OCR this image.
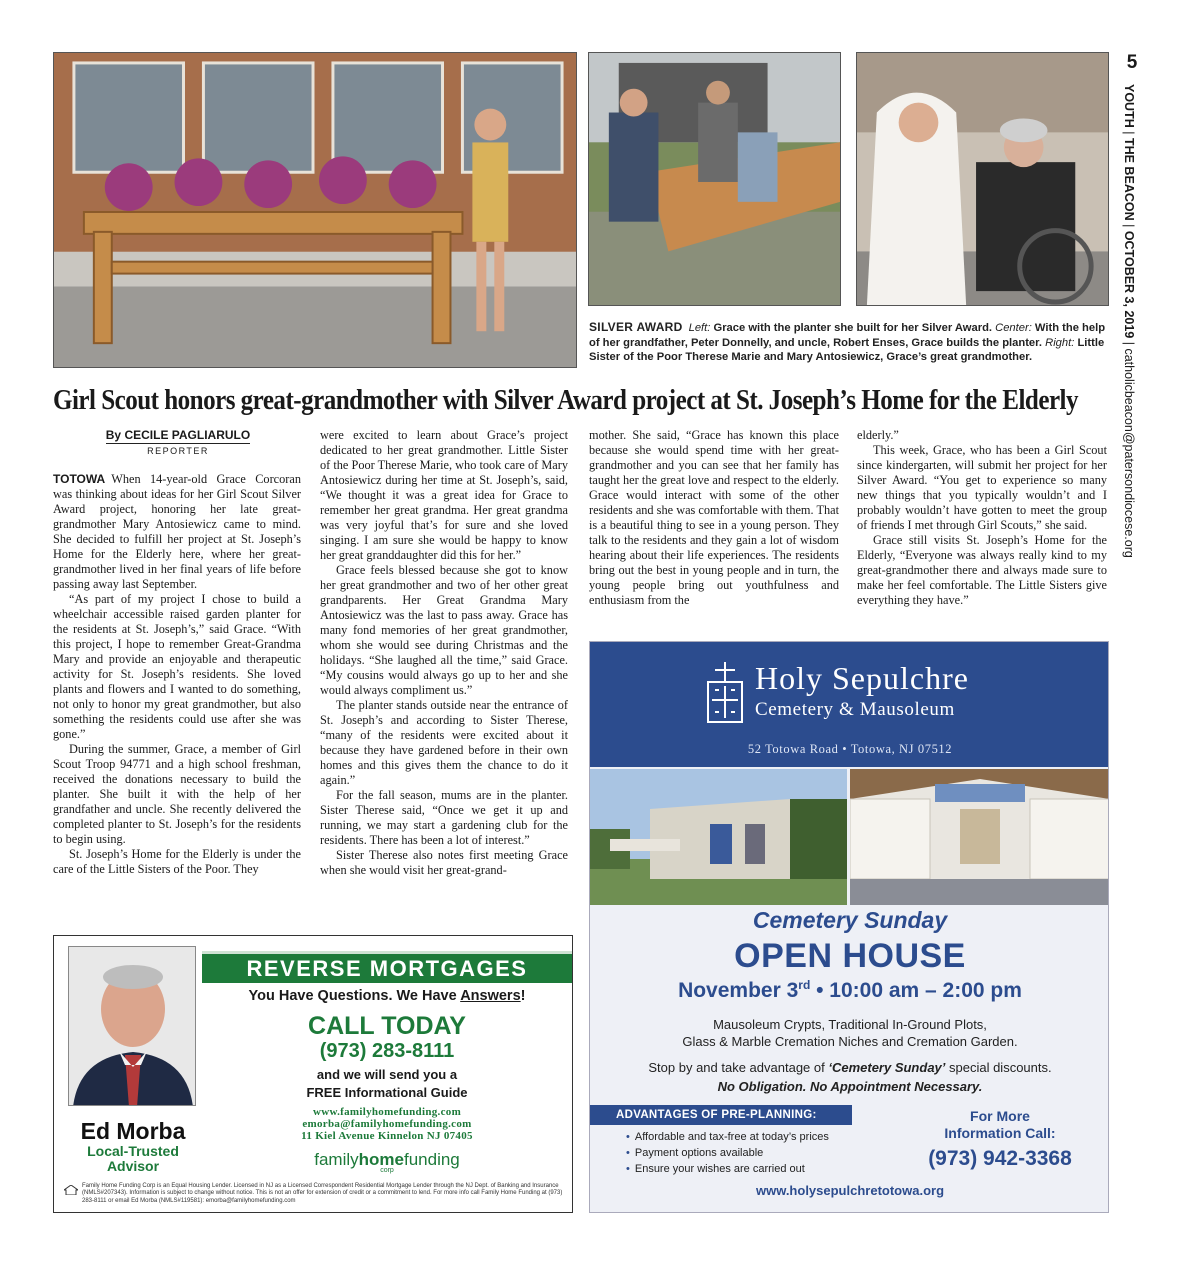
SILVER AWARD Left: Grace with the planter she built for her Silver Award. Center: With the help of her grandfather, Peter Donnelly, and uncle, Robert Enses, Grace builds the planter. Right: Little Sister of the Poor Therese Marie and Mary Antosiewicz, Grace’s great grandmother.
5
YOUTH | THE BEACON | OCTOBER 3, 2019 | catholicbeacon@patersondiocese.org
Girl Scout honors great-grandmother with Silver Award project at St. Joseph’s Home for the Elderly
By CECILE PAGLIARULO
REPORTER

TOTOWA When 14-year-old Grace Corcoran was thinking about ideas for her Girl Scout Silver Award project, honoring her late great-grandmother Mary Antosiewicz came to mind. She decided to fulfill her project at St. Joseph’s Home for the Elderly here, where her great-grandmother lived in her final years of life before passing away last September.

“As part of my project I chose to build a wheelchair accessible raised garden planter for the residents at St. Joseph’s,” said Grace. “With this project, I hope to remember Great-Grandma Mary and provide an enjoyable and therapeutic activity for St. Joseph’s residents. She loved plants and flowers and I wanted to do something, not only to honor my great grandmother, but also something the residents could use after she was gone.”

During the summer, Grace, a member of Girl Scout Troop 94771 and a high school freshman, received the donations necessary to build the planter. She built it with the help of her grandfather and uncle. She recently delivered the completed planter to St. Joseph’s for the residents to begin using.

St. Joseph’s Home for the Elderly is under the care of the Little Sisters of the Poor. They

were excited to learn about Grace’s project dedicated to her great grandmother. Little Sister of the Poor Therese Marie, who took care of Mary Antosiewicz during her time at St. Joseph’s, said, “We thought it was a great idea for Grace to remember her great grandma. Her great grandma was very joyful that’s for sure and she loved singing. I am sure she would be happy to know her great granddaughter did this for her.”

Grace feels blessed because she got to know her great grandmother and two of her other great grandparents. Her Great Grandma Mary Antosiewicz was the last to pass away. Grace has many fond memories of her great grandmother, whom she would see during Christmas and the holidays. “She laughed all the time,” said Grace. “My cousins would always go up to her and she would always compliment us.”

The planter stands outside near the entrance of St. Joseph’s and according to Sister Therese, “many of the residents were excited about it because they have gardened before in their own homes and this gives them the chance to do it again.”

For the fall season, mums are in the planter. Sister Therese said, “Once we get it up and running, we may start a gardening club for the residents. There has been a lot of interest.”

Sister Therese also notes first meeting Grace when she would visit her great-grand-

mother. She said, “Grace has known this place because she would spend time with her great-grandmother and you can see that her family has taught her the great love and respect to the elderly. Grace would interact with some of the other residents and she was comfortable with them. That is a beautiful thing to see in a young person. They talk to the residents and they gain a lot of wisdom hearing about their life experiences. The residents bring out the best in young people and in turn, the young people bring out youthfulness and enthusiasm from the

elderly.”

This week, Grace, who has been a Girl Scout since kindergarten, will submit her project for her Silver Award. “You get to experience so many new things that you typically wouldn’t and I probably wouldn’t have gotten to meet the group of friends I met through Girl Scouts,” she said.

Grace still visits St. Joseph’s Home for the Elderly, “Everyone was always really kind to my great-grandmother there and always made sure to make her feel comfortable. The Little Sisters give everything they have.”

Ed Morba
Local-Trusted
Advisor
REVERSE MORTGAGES
You Have Questions. We Have Answers!
CALL TODAY
(973) 283-8111
and we will send you a
FREE Informational Guide
www.familyhomefunding.com
emorba@familyhomefunding.com
11 Kiel Avenue Kinnelon NJ 07405
familyhomefunding
corp
Family Home Funding Corp is an Equal Housing Lender. Licensed in NJ as a Licensed Correspondent Residential Mortgage Lender through the NJ Dept. of Banking and Insurance (NMLS#207343). Information is subject to change without notice. This is not an offer for extension of credit or a commitment to lend. For more info call Family Home Funding at (973) 283-8111 or email Ed Morba (NMLS#119581): emorba@familyhomefunding.com
Holy Sepulchre
Cemetery & Mausoleum
52 Totowa Road • Totowa, NJ 07512
Cemetery Sunday
OPEN HOUSE
November 3rd • 10:00 am – 2:00 pm
Mausoleum Crypts, Traditional In-Ground Plots,
Glass & Marble Cremation Niches and Cremation Garden.
Stop by and take advantage of ‘Cemetery Sunday’ special discounts.
No Obligation. No Appointment Necessary.
ADVANTAGES OF PRE-PLANNING:
• Affordable and tax-free at today’s prices
• Payment options available
• Ensure your wishes are carried out
For More
Information Call:
(973) 942-3368
www.holysepulchretotowa.org
